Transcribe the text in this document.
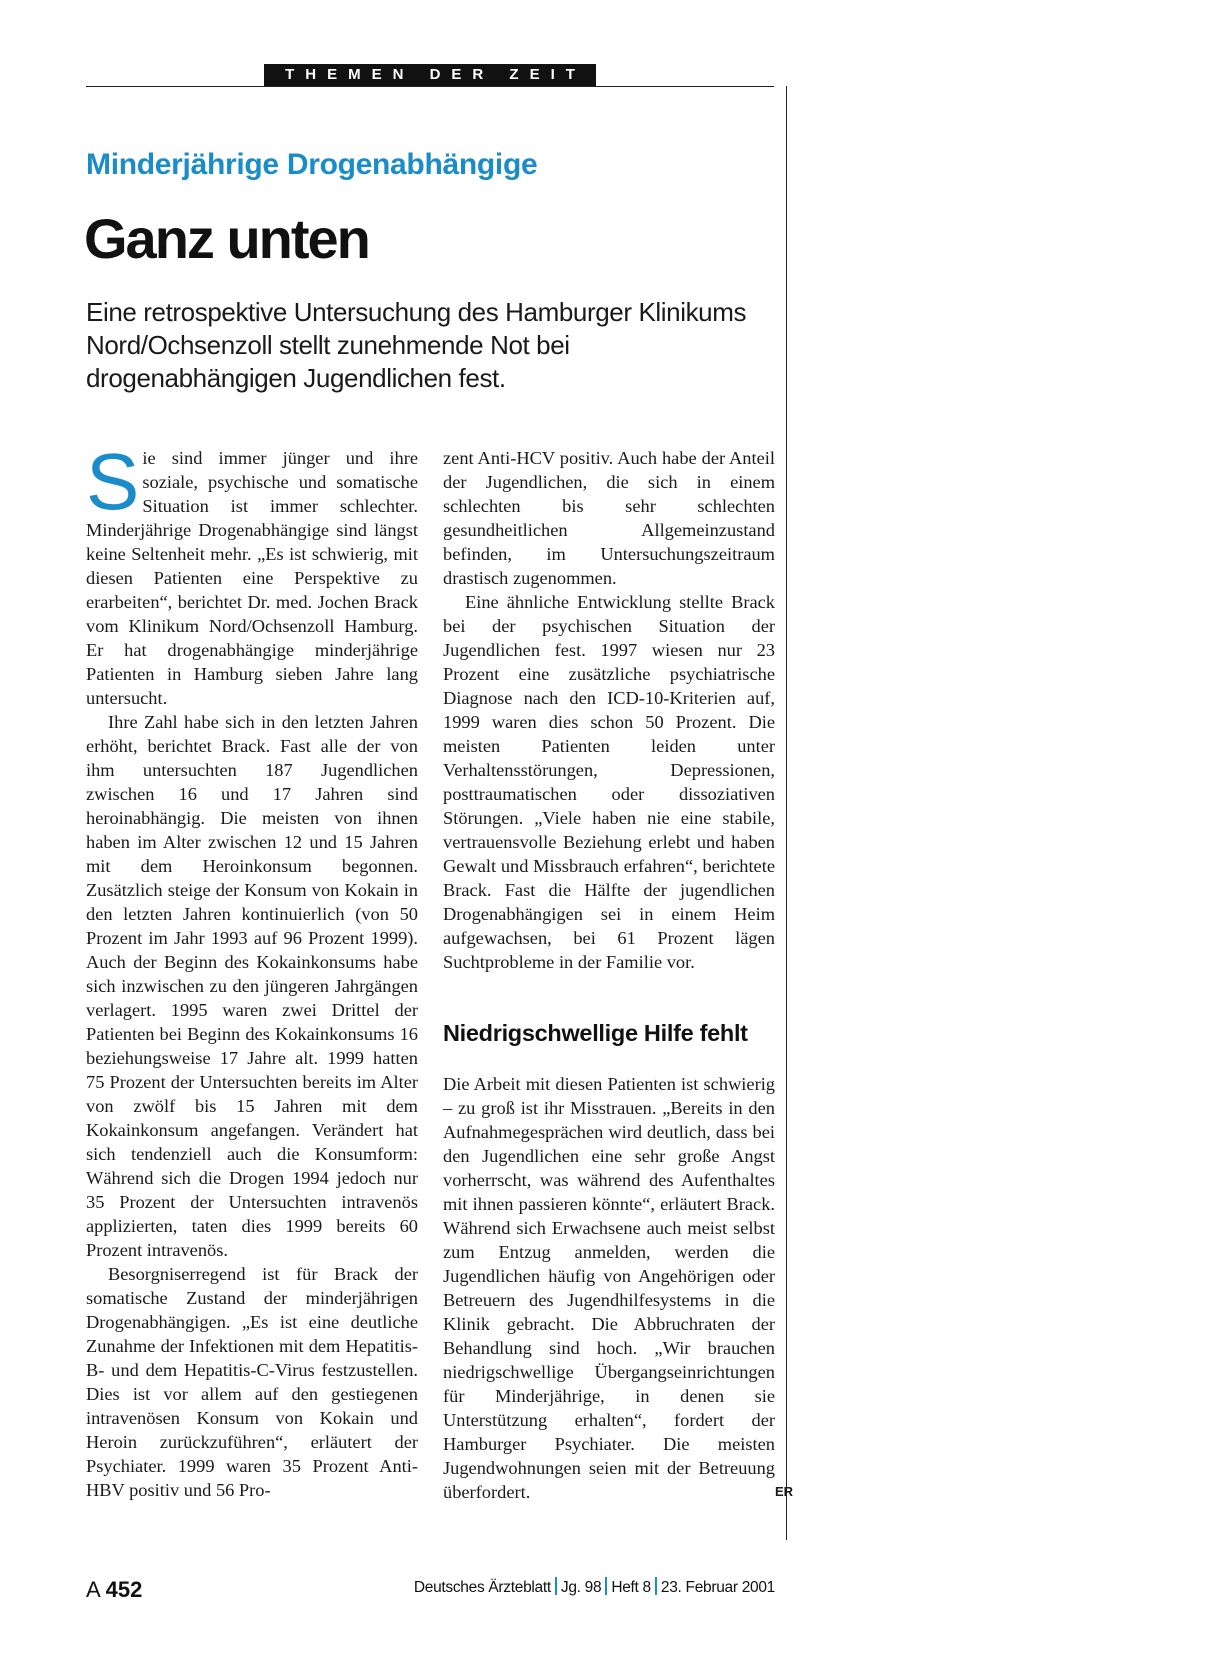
THEMEN DER ZEIT
Minderjährige Drogenabhängige
Ganz unten
Eine retrospektive Untersuchung des Hamburger Klinikums Nord/Ochsenzoll stellt zunehmende Not bei drogenabhängigen Jugendlichen fest.

Sie sind immer jünger und ihre soziale, psychische und somatische Situation ist immer schlechter. Minderjährige Drogenabhängige sind längst keine Seltenheit mehr. „Es ist schwierig, mit diesen Patienten eine Perspektive zu erarbeiten“, berichtet Dr. med. Jochen Brack vom Klinikum Nord/Ochsenzoll Hamburg. Er hat drogenabhängige minderjährige Patienten in Hamburg sieben Jahre lang untersucht.

Ihre Zahl habe sich in den letzten Jahren erhöht, berichtet Brack. Fast alle der von ihm untersuchten 187 Jugendlichen zwischen 16 und 17 Jahren sind heroinabhängig. Die meisten von ihnen haben im Alter zwischen 12 und 15 Jahren mit dem Heroinkonsum begonnen. Zusätzlich steige der Konsum von Kokain in den letzten Jahren kontinuierlich (von 50 Prozent im Jahr 1993 auf 96 Prozent 1999). Auch der Beginn des Kokainkonsums habe sich inzwischen zu den jüngeren Jahrgängen verlagert. 1995 waren zwei Drittel der Patienten bei Beginn des Kokainkonsums 16 beziehungsweise 17 Jahre alt. 1999 hatten 75 Prozent der Untersuchten bereits im Alter von zwölf bis 15 Jahren mit dem Kokainkonsum angefangen. Verändert hat sich tendenziell auch die Konsumform: Während sich die Drogen 1994 jedoch nur 35 Prozent der Untersuchten intravenös applizierten, taten dies 1999 bereits 60 Prozent intravenös.

Besorgniserregend ist für Brack der somatische Zustand der minderjährigen Drogenabhängigen. „Es ist eine deutliche Zunahme der Infektionen mit dem Hepatitis-B- und dem Hepatitis-C-Virus festzustellen. Dies ist vor allem auf den gestiegenen intravenösen Konsum von Kokain und Heroin zurückzuführen“, erläutert der Psychiater. 1999 waren 35 Prozent Anti-HBV positiv und 56 Pro-

zent Anti-HCV positiv. Auch habe der Anteil der Jugendlichen, die sich in einem schlechten bis sehr schlechten gesundheitlichen Allgemeinzustand befinden, im Untersuchungszeitraum drastisch zugenommen.

Eine ähnliche Entwicklung stellte Brack bei der psychischen Situation der Jugendlichen fest. 1997 wiesen nur 23 Prozent eine zusätzliche psychiatrische Diagnose nach den ICD-10-Kriterien auf, 1999 waren dies schon 50 Prozent. Die meisten Patienten leiden unter Verhaltensstörungen, Depressionen, posttraumatischen oder dissoziativen Störungen. „Viele haben nie eine stabile, vertrauensvolle Beziehung erlebt und haben Gewalt und Missbrauch erfahren“, berichtete Brack. Fast die Hälfte der jugendlichen Drogenabhängigen sei in einem Heim aufgewachsen, bei 61 Prozent lägen Suchtprobleme in der Familie vor.

Niedrigschwellige Hilfe fehlt

Die Arbeit mit diesen Patienten ist schwierig – zu groß ist ihr Misstrauen. „Bereits in den Aufnahmegesprächen wird deutlich, dass bei den Jugendlichen eine sehr große Angst vorherrscht, was während des Aufenthaltes mit ihnen passieren könnte“, erläutert Brack. Während sich Erwachsene auch meist selbst zum Entzug anmelden, werden die Jugendlichen häufig von Angehörigen oder Betreuern des Jugendhilfesystems in die Klinik gebracht. Die Abbruchraten der Behandlung sind hoch. „Wir brauchen niedrigschwellige Übergangseinrichtungen für Minderjährige, in denen sie Unterstützung erhalten“, fordert der Hamburger Psychiater. Die meisten Jugendwohnungen seien mit der Betreuung überfordert.	ER

A 452	Deutsches Ärzteblatt Jg. 98 Heft 8 23. Februar 2001
